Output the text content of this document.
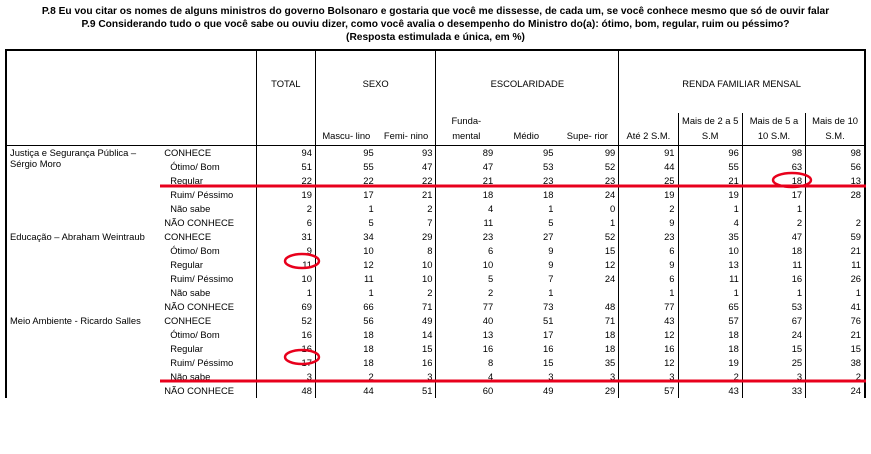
P.8 Eu vou citar os nomes de alguns ministros do governo Bolsonaro e gostaria que você me dissesse, de cada um, se você conhece mesmo que só de ouvir falar
P.9 Considerando tudo o que você sabe ou ouviu dizer, como você avalia o desempenho do Ministro do(a): ótimo, bom, regular, ruim ou péssimo?
(Resposta estimulada e única, em %)
		TOTAL	SEXO		ESCOLARIDADE			RENDA FAMILIAR MENSAL			
			Mascu- lino	Femi- nino	Funda- mental	Médio	Supe- rior	Até 2 S.M.	Mais de 2 a 5 S.M	Mais de 5 a 10 S.M.	Mais de 10 S.M.
Justiça e Segurança Pública – Sérgio Moro	CONHECE	94	95	93	89	95	99	91	96	98	98
	Ótimo/ Bom	51	55	47	47	53	52	44	55	63	56
	Regular	22	22	22	21	23	23	25	21	18	13
	Ruim/ Péssimo	19	17	21	18	18	24	19	19	17	28
	Não sabe	2	1	2	4	1	0	2	1	1	
	NÃO CONHECE	6	5	7	11	5	1	9	4	2	2
Educação – Abraham Weintraub	CONHECE	31	34	29	23	27	52	23	35	47	59
	Ótimo/ Bom	9	10	8	6	9	15	6	10	18	21
	Regular	11	12	10	10	9	12	9	13	11	11
	Ruim/ Péssimo	10	11	10	5	7	24	6	11	16	26
	Não sabe	1	1	2	2	1		1	1	1	1
	NÃO CONHECE	69	66	71	77	73	48	77	65	53	41
Meio Ambiente - Ricardo Salles	CONHECE	52	56	49	40	51	71	43	57	67	76
	Ótimo/ Bom	16	18	14	13	17	18	12	18	24	21
	Regular	16	18	15	16	16	18	16	18	15	15
	Ruim/ Péssimo	17	18	16	8	15	35	12	19	25	38
	Não sabe	3	2	3	4	3	3	3	2	3	2
	NÃO CONHECE	48	44	51	60	49	29	57	43	33	24
